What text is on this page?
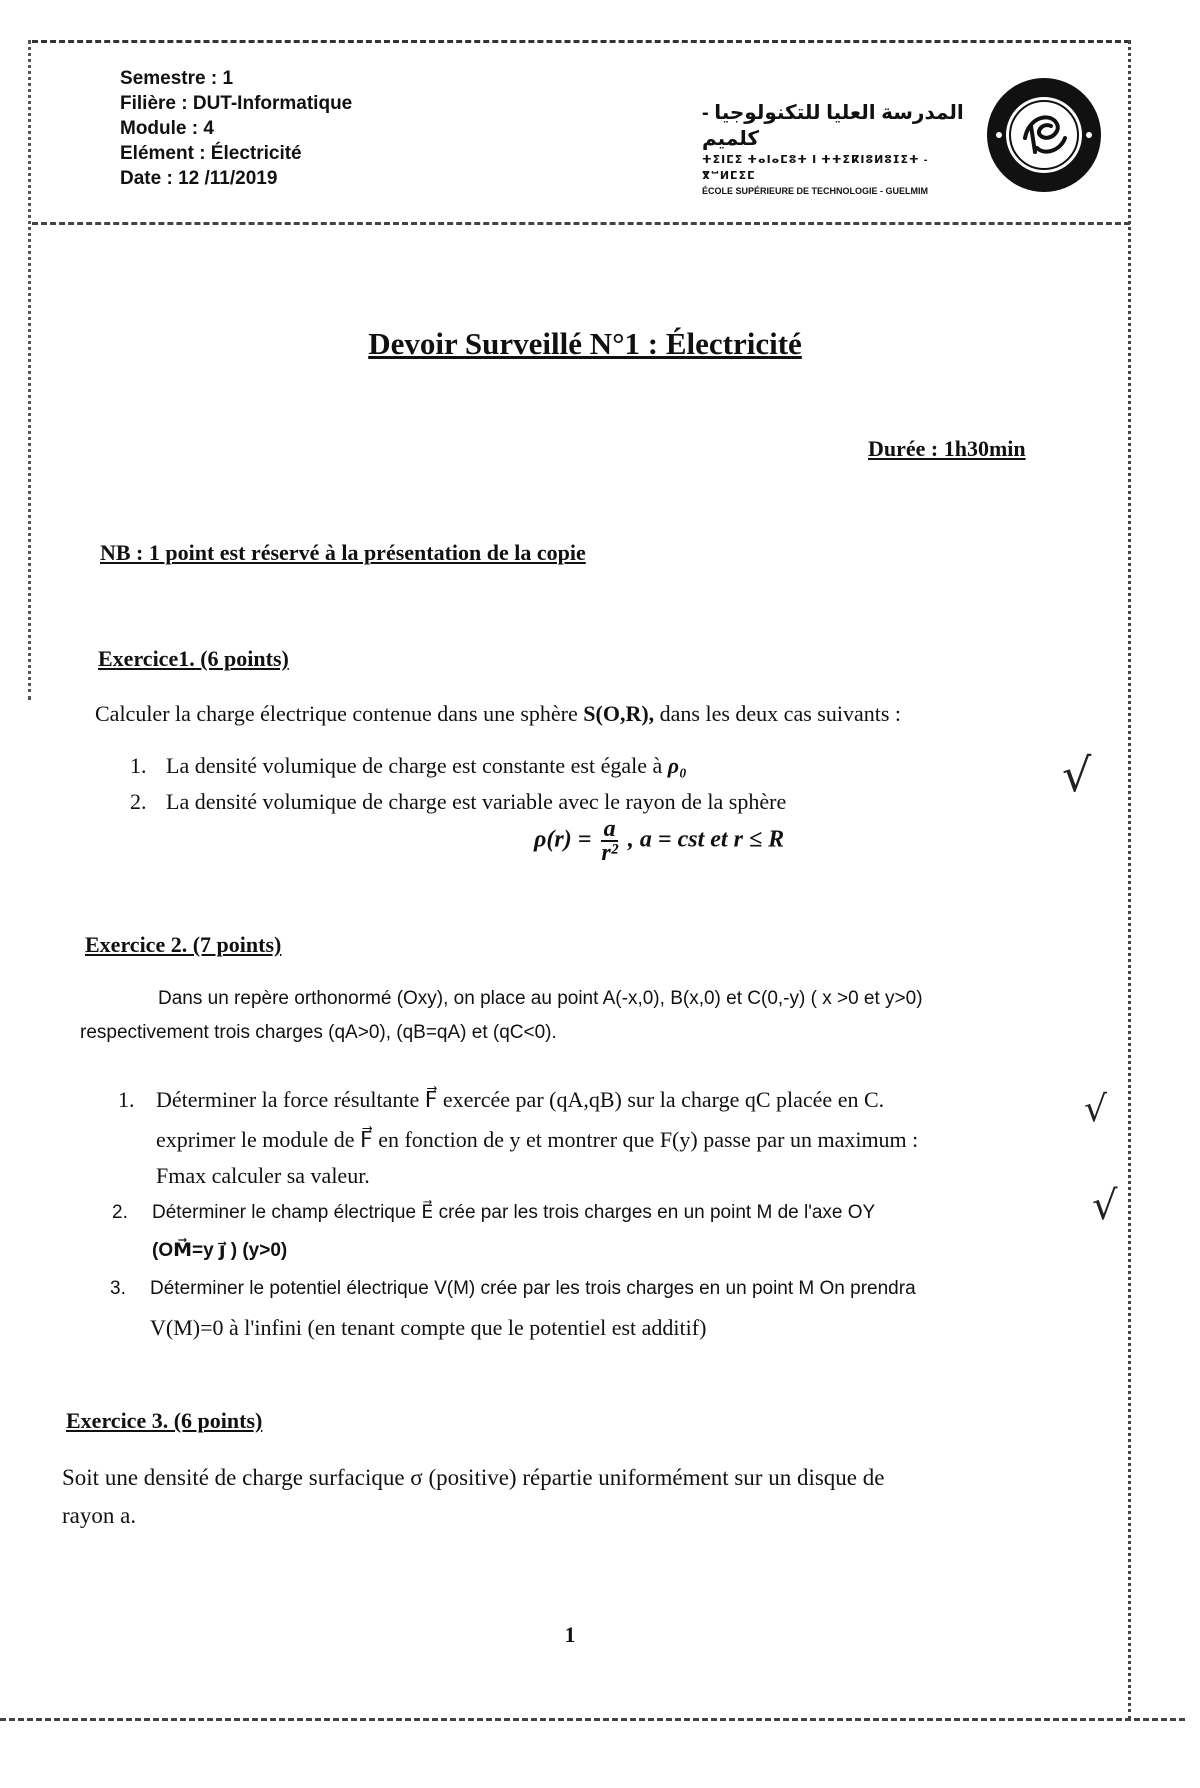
Semestre : 1
Filière : DUT-Informatique
Module : 4
Elément : Électricité
Date : 12 /11/2019
المدرسة العليا للتكنولوجيا - كلميم
ⵜⵉⵏⵎⵉ ⵜⴰⵏⴰⵎⵓⵜ ⵏ ⵜⵜⵉⴽⵏⵓⵍⵓⵊⵉⵜ - ⴳⵯⵍⵎⵉⵎ
ÉCOLE SUPÉRIEURE DE TECHNOLOGIE - GUELMIM
Devoir Surveillé N°1 : Électricité
Durée : 1h30min
NB : 1 point est réservé à la présentation de la copie
Exercice1. (6 points)
Calculer la charge électrique contenue dans une sphère S(O,R), dans les deux cas suivants :
1. La densité volumique de charge est constante est égale à ρ₀
2. La densité volumique de charge est variable avec le rayon de la sphère
$\rho(r) = \frac{a}{\text{r²}}$ , a = cst et r ≤ R
√
Exercice 2. (7 points)
Dans un repère orthonormé (Oxy), on place au point A(-x,0), B(x,0) et C(0,-y) ( x >0 et y>0)
respectivement trois charges (qA>0), (qB=qA) et (qC<0).
1. Déterminer la force résultante F⃗ exercée par (qA,qB) sur la charge qC placée en C.
exprimer le module de F⃗ en fonction de y et montrer que F(y) passe par un maximum :
Fmax calculer sa valeur.
2. Déterminer le champ électrique E⃗ crée par les trois charges en un point M de l'axe OY
(OM⃗=y j⃗ ) (y>0)
3. Déterminer le potentiel électrique V(M) crée par les trois charges en un point M On prendra
V(M)=0 à l'infini (en tenant compte que le potentiel est additif)
√
√
Exercice 3. (6 points)
Soit une densité de charge surfacique σ (positive) répartie uniformément sur un disque de
rayon a.
1
